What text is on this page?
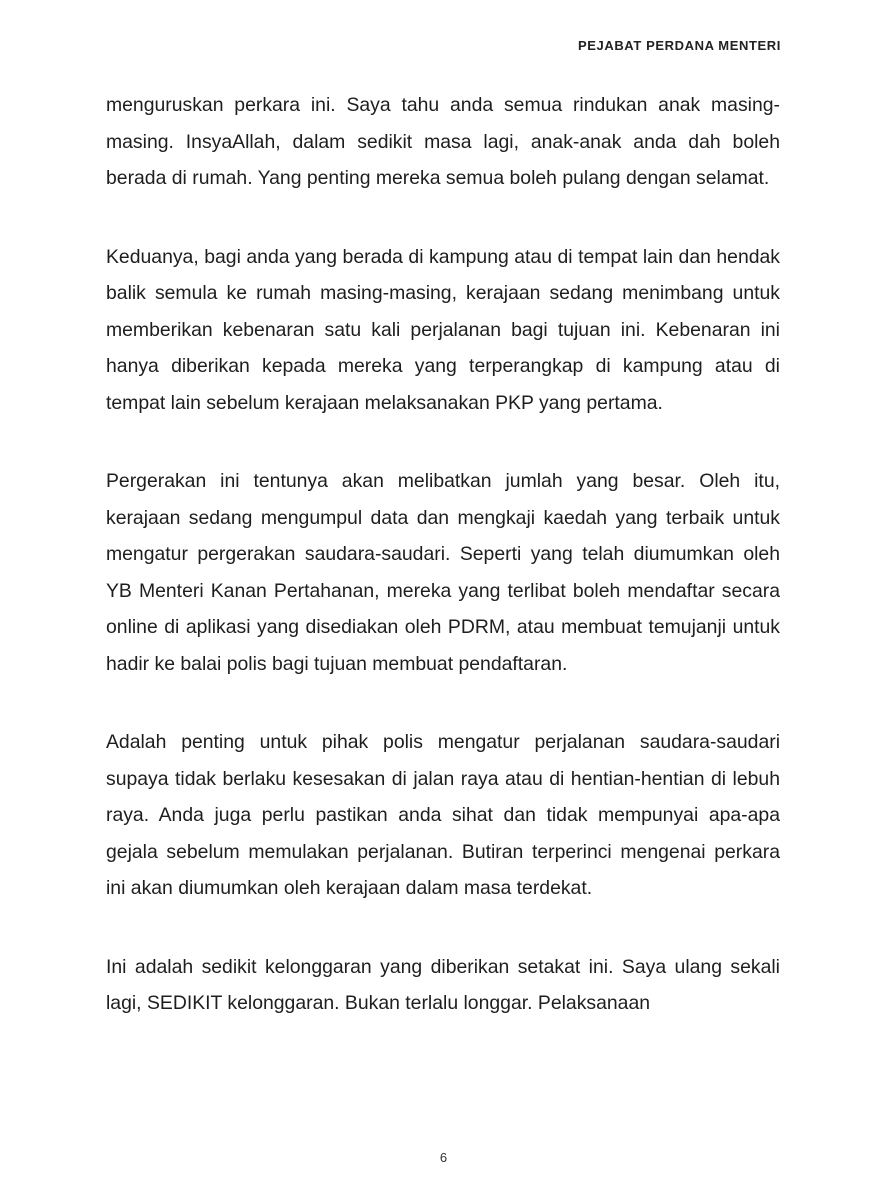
PEJABAT PERDANA MENTERI

menguruskan perkara ini. Saya tahu anda semua rindukan anak masing-masing. InsyaAllah, dalam sedikit masa lagi, anak-anak anda dah boleh berada di rumah. Yang penting mereka semua boleh pulang dengan selamat.

Keduanya, bagi anda yang berada di kampung atau di tempat lain dan hendak balik semula ke rumah masing-masing, kerajaan sedang menimbang untuk memberikan kebenaran satu kali perjalanan bagi tujuan ini. Kebenaran ini hanya diberikan kepada mereka yang terperangkap di kampung atau di tempat lain sebelum kerajaan melaksanakan PKP yang pertama.

Pergerakan ini tentunya akan melibatkan jumlah yang besar. Oleh itu, kerajaan sedang mengumpul data dan mengkaji kaedah yang terbaik untuk mengatur pergerakan saudara-saudari. Seperti yang telah diumumkan oleh YB Menteri Kanan Pertahanan, mereka yang terlibat boleh mendaftar secara online di aplikasi yang disediakan oleh PDRM, atau membuat temujanji untuk hadir ke balai polis bagi tujuan membuat pendaftaran.

Adalah penting untuk pihak polis mengatur perjalanan saudara-saudari supaya tidak berlaku kesesakan di jalan raya atau di hentian-hentian di lebuh raya. Anda juga perlu pastikan anda sihat dan tidak mempunyai apa-apa gejala sebelum memulakan perjalanan. Butiran terperinci mengenai perkara ini akan diumumkan oleh kerajaan dalam masa terdekat.

Ini adalah sedikit kelonggaran yang diberikan setakat ini. Saya ulang sekali lagi, SEDIKIT kelonggaran. Bukan terlalu longgar. Pelaksanaan

6
